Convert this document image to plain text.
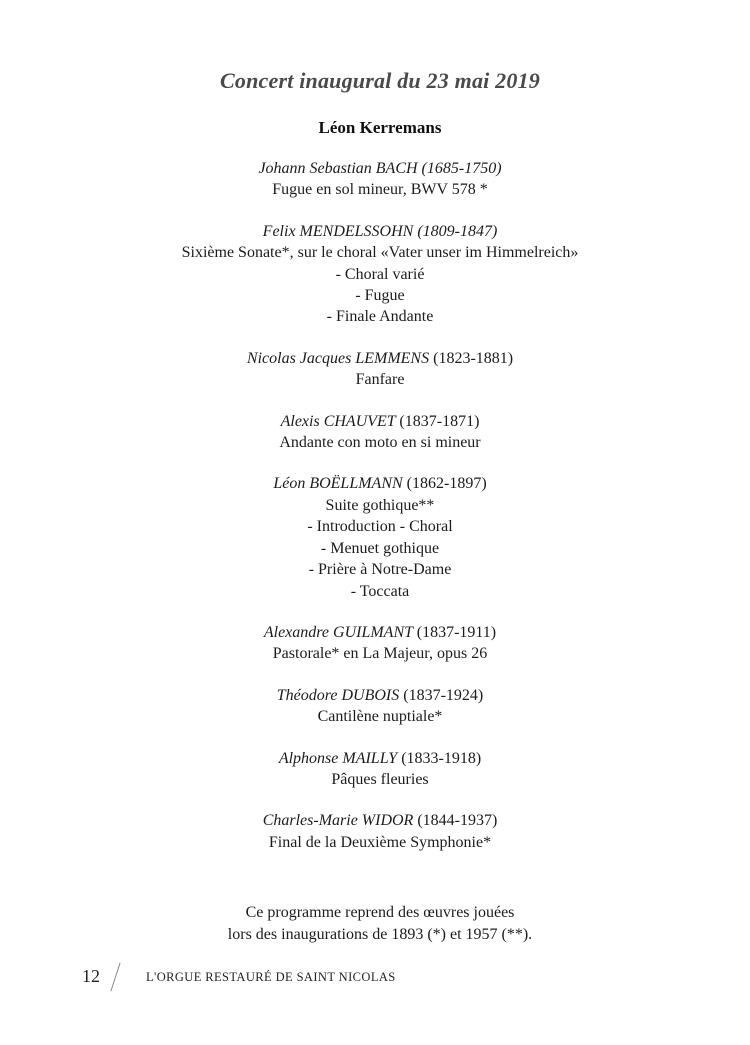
Concert inaugural du 23 mai 2019
Léon Kerremans
Johann Sebastian BACH (1685-1750)
Fugue en sol mineur, BWV 578 *
Felix MENDELSSOHN (1809-1847)
Sixième Sonate*, sur le choral «Vater unser im Himmelreich»
- Choral varié
- Fugue
- Finale Andante
Nicolas Jacques LEMMENS (1823-1881)
Fanfare
Alexis CHAUVET (1837-1871)
Andante con moto en si mineur
Léon BOËLLMANN (1862-1897)
Suite gothique**
- Introduction - Choral
- Menuet gothique
- Prière à Notre-Dame
- Toccata
Alexandre GUILMANT (1837-1911)
Pastorale* en La Majeur, opus 26
Théodore DUBOIS (1837-1924)
Cantilène nuptiale*
Alphonse MAILLY (1833-1918)
Pâques fleuries
Charles-Marie WIDOR (1844-1937)
Final de la Deuxième Symphonie*
Ce programme reprend des œuvres jouées
lors des inaugurations de 1893 (*) et 1957 (**).
12	L'ORGUE RESTAURÉ DE SAINT NICOLAS
